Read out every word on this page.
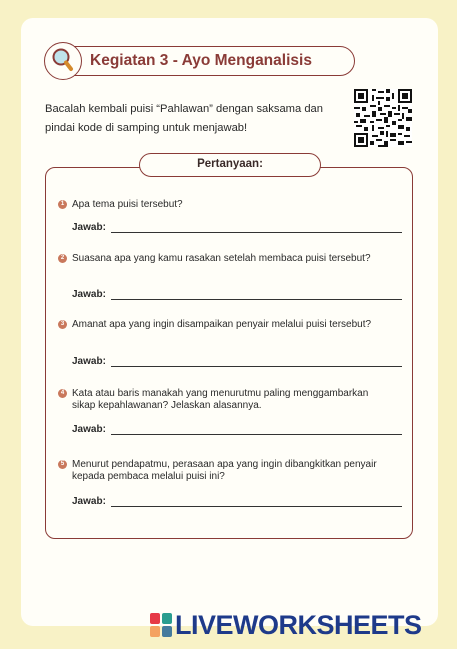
Kegiatan 3 - Ayo Menganalisis
Bacalah kembali puisi “Pahlawan” dengan saksama dan pindai kode di samping untuk menjawab!
Pertanyaan:
1 Apa tema puisi tersebut?
Jawab:
2 Suasana apa yang kamu rasakan setelah membaca puisi tersebut?
Jawab:
3 Amanat apa yang ingin disampaikan penyair melalui puisi tersebut?
Jawab:
4 Kata atau baris manakah yang menurutmu paling menggambarkan sikap kepahlawanan? Jelaskan alasannya.
Jawab:
5 Menurut pendapatmu, perasaan apa yang ingin dibangkitkan penyair kepada pembaca melalui puisi ini?
Jawab:
LIVEWORKSHEETS
